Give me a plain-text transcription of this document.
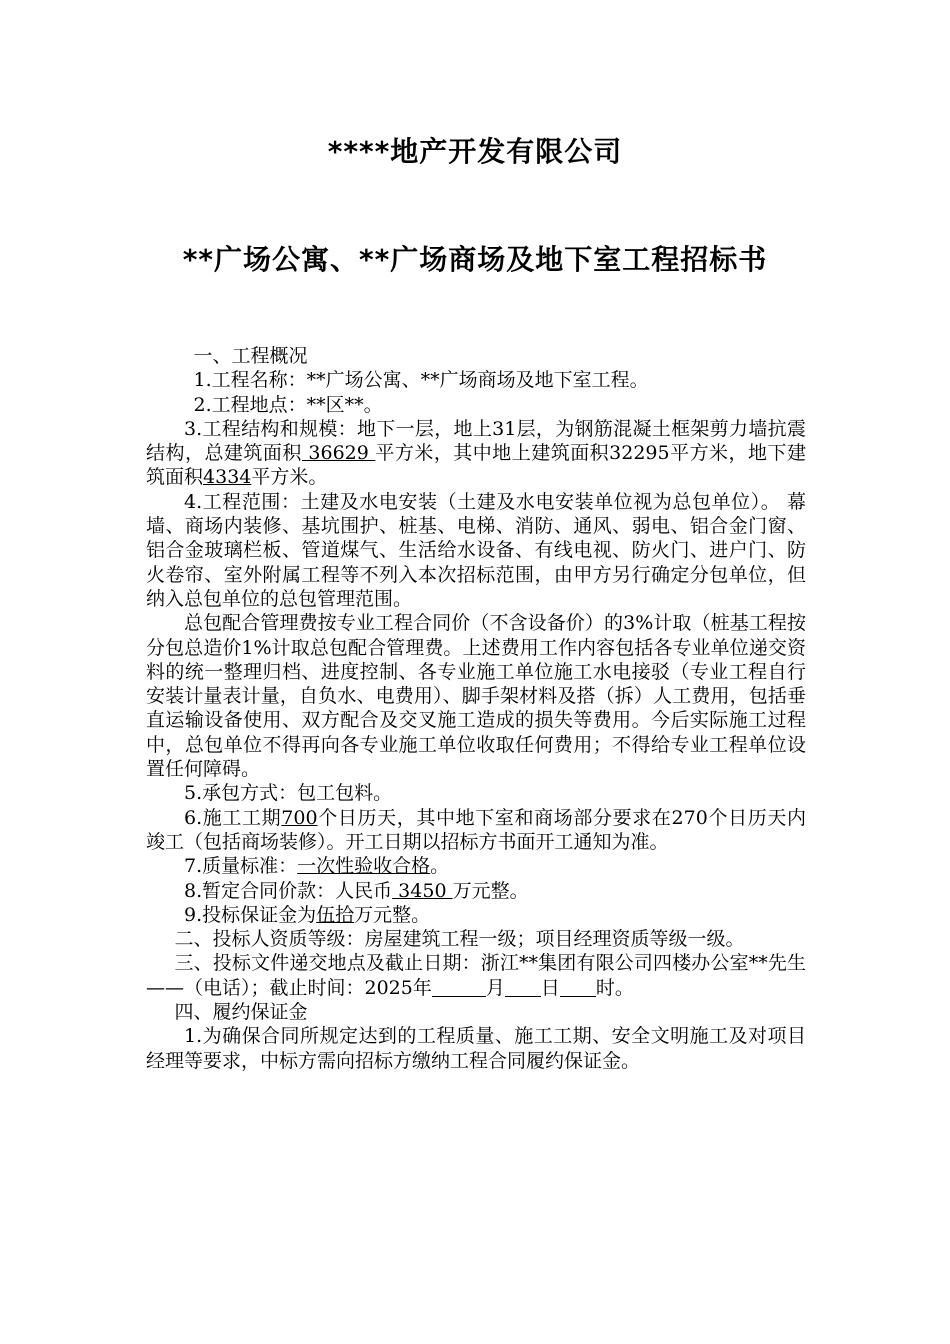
****地产开发有限公司
**广场公寓、**广场商场及地下室工程招标书

一、工程概况

1.工程名称：**广场公寓、**广场商场及地下室工程。

2.工程地点：**区**。

3.工程结构和规模：地下一层，地上31层，为钢筋混凝土框架剪力墙抗震结构，总建筑面积 36629 平方米，其中地上建筑面积32295平方米，地下建筑面积4334平方米。

4.工程范围：土建及水电安装（土建及水电安装单位视为总包单位）。 幕墙、商场内装修、基坑围护、桩基、电梯、消防、通风、弱电、铝合金门窗、铝合金玻璃栏板、管道煤气、生活给水设备、有线电视、防火门、进户门、防火卷帘、室外附属工程等不列入本次招标范围，由甲方另行确定分包单位，但纳入总包单位的总包管理范围。

总包配合管理费按专业工程合同价（不含设备价）的3%计取（桩基工程按分包总造价1%计取总包配合管理费。上述费用工作内容包括各专业单位递交资料的统一整理归档、进度控制、各专业施工单位施工水电接驳（专业工程自行安装计量表计量，自负水、电费用）、脚手架材料及搭（拆）人工费用，包括垂直运输设备使用、双方配合及交叉施工造成的损失等费用。今后实际施工过程中，总包单位不得再向各专业施工单位收取任何费用；不得给专业工程单位设置任何障碍。

5.承包方式：包工包料。

6.施工工期700个日历天，其中地下室和商场部分要求在270个日历天内竣工（包括商场装修）。开工日期以招标方书面开工通知为准。

7.质量标准：一次性验收合格。

8.暂定合同价款：人民币 3450 万元整。

9.投标保证金为伍拾万元整。

二、投标人资质等级：房屋建筑工程一级；项目经理资质等级一级。

三、投标文件递交地点及截止日期：浙江**集团有限公司四楼办公室**先生——（电话）；截止时间：2025年	月 日 时。

四、履约保证金

1.为确保合同所规定达到的工程质量、施工工期、安全文明施工及对项目经理等要求，中标方需向招标方缴纳工程合同履约保证金。
